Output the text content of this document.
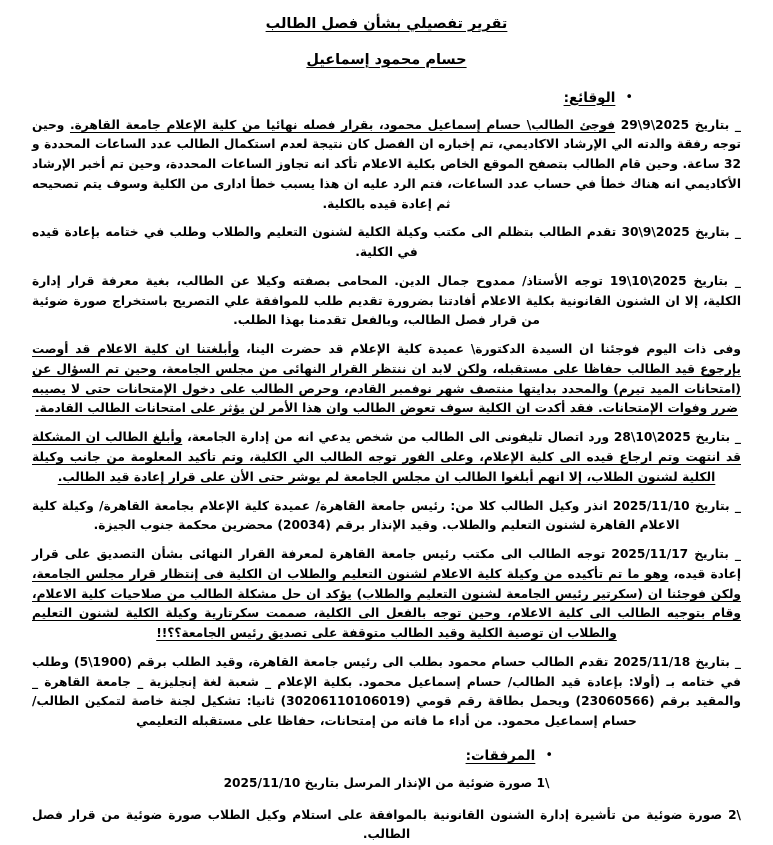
تقرير تفصيلي بشأن فصل الطالب
حسام محمود إسماعيل
•
الوقائع:

_ بتاريخ 2025\9\29 فوجئ الطالب\ حسام إسماعيل محمود، بقرار فصله نهائيا من كلية الإعلام جامعة القاهرة. وحين توجه رفقة والدته الي الإرشاد الاكاديمي، تم إخباره ان الفصل كان نتيجة لعدم استكمال الطالب عدد الساعات المحددة و 32 ساعة. وحين قام الطالب بتصفح الموقع الخاص بكلية الاعلام تأكد انه تجاوز الساعات المحددة، وحين تم أخبر الإرشاد الأكاديمي انه هناك خطأ في حساب عدد الساعات، فتم الرد عليه ان هذا يسبب خطأ ادارى من الكلية وسوف يتم تصحيحه ثم إعادة قيده بالكلية.

_ بتاريخ 2025\9\30 تقدم الطالب بتظلم الى مكتب وكيلة الكلية لشنون التعليم والطلاب وطلب في ختامه بإعادة قيده في الكلية.

_ بتاريخ 2025\10\19 توجه الأستاذ/ ممدوح جمال الدين. المحامى بصفته وكيلا عن الطالب، بغية معرفة قرار إدارة الكلية، إلا ان الشنون القانونية بكلية الاعلام أفادتنا بضرورة تقديم طلب للموافقة علي التصريح باستخراج صورة ضوئية من قرار فصل الطالب، وبالفعل تقدمنا بهذا الطلب.

وفى ذات اليوم فوجئنا ان السيدة الدكتورة\ عميدة كلية الإعلام قد حضرت الينا، وأبلغتنا ان كلية الاعلام قد أوصت بإرجوع قيد الطالب حفاظا على مستقبله، ولكن لابد ان ننتظر القرار النهائى من مجلس الجامعة، وحين تم السؤال عن (امتحانات الميد تيرم) والمحدد بدايتها منتصف شهر نوفمبر القادم، وحرص الطالب على دخول الإمتحانات حتى لا يصيبه ضرر وفوات الإمتحانات. فقد أكدت ان الكلية سوف تعوض الطالب وان هذا الأمر لن يؤثر على امتحانات الطالب القادمة.

_ بتاريخ 2025\10\28 ورد اتصال تليفونى الى الطالب من شخص يدعي انه من إدارة الجامعة، وأبلغ الطالب ان المشكلة قد انتهت وتم ارجاع قيده الى كلية الإعلام، وعلى الفور توجه الطالب الي الكلية، وتم تأكيد المعلومة من جانب وكيلة الكلية لشنون الطلاب، إلا انهم أبلغوا الطالب ان مجلس الجامعة لم يوشر حتى الأن على قرار إعادة قيد الطالب.

_ بتاريخ 2025/11/10 انذر وكيل الطالب كلا من: رئيس جامعة القاهرة/ عميدة كلية الإعلام بجامعة القاهرة/ وكيلة كلية الاعلام القاهرة لشنون التعليم والطلاب. وقيد الإنذار برقم (20034) محضرين محكمة جنوب الجيزة.

_ بتاريخ 2025/11/17 توجه الطالب الى مكتب رئيس جامعة القاهرة لمعرفة القرار النهائى بشأن التصديق على قرار إعادة قيده، وهو ما تم تأكيده من وكيلة كلية الاعلام لشنون التعليم والطلاب ان الكلية فى إنتظار قرار مجلس الجامعة، ولكن فوجئنا ان (سكرتير رئيس الجامعة لشنون التعليم والطلاب) يؤكد ان حل مشكلة الطالب من صلاحيات كلية الاعلام، وقام بتوجيه الطالب الى كلية الاعلام، وحين توجه بالفعل الى الكلية، صممت سكرتارية وكيلة الكلية لشنون التعليم والطلاب ان توصية الكلية وقيد الطالب متوقفة على تصديق رئيس الجامعة؟؟!!

_ بتاريخ 2025/11/18 تقدم الطالب حسام محمود بطلب الى رئيس جامعة القاهرة، وقيد الطلب برقم (1900\5) وطلب في ختامه بـ (أولا: بإعادة قيد الطالب/ حسام إسماعيل محمود. بكلية الإعلام _ شعبة لغة إنجليزية _ جامعة القاهرة _ والمقيد برقم (23060566) ويحمل بطاقة رقم قومي (30206110106019) ثانيا: تشكيل لجنة خاصة لتمكين الطالب/ حسام إسماعيل محمود. من أداء ما فاته من إمتحانات، حفاظا على مستقبله التعليمي

•
المرفقات:

\1 صورة ضوئية من الإنذار المرسل بتاريخ 2025/11/10

\2 صورة ضوئية من تأشيرة إدارة الشنون القانونية بالموافقة على استلام وكيل الطلاب صورة ضوئية من قرار فصل الطالب.
